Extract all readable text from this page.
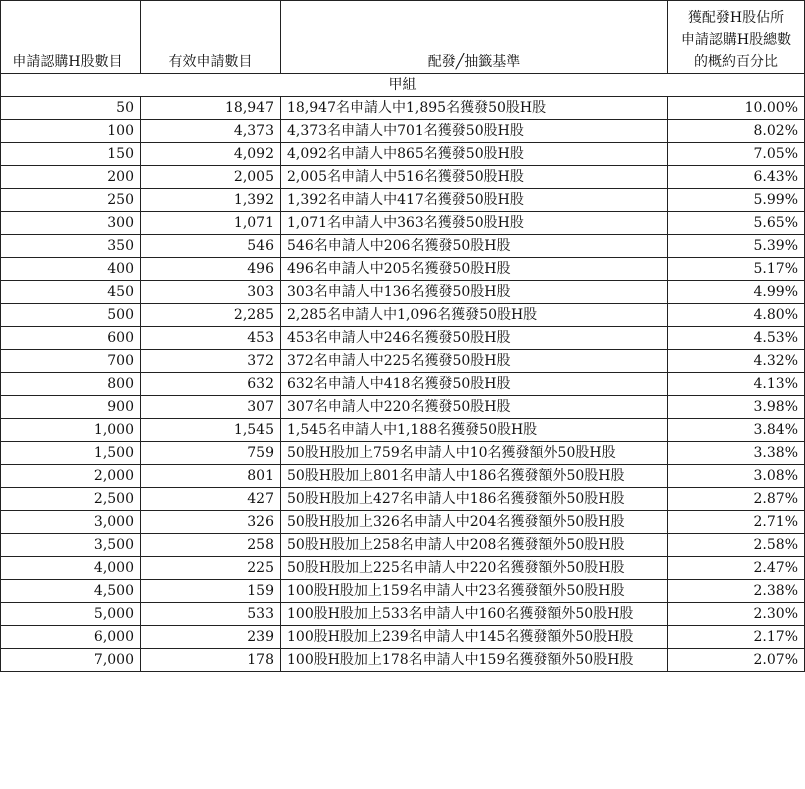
申請認購H股數目	有效申請數目	配發╱抽籤基準	獲配發H股佔所
申請認購H股總數
的概約百分比

甲組			
50	18,947	18,947名申請人中1,895名獲發50股H股	10.00%
100	4,373	4,373名申請人中701名獲發50股H股	8.02%
150	4,092	4,092名申請人中865名獲發50股H股	7.05%
200	2,005	2,005名申請人中516名獲發50股H股	6.43%
250	1,392	1,392名申請人中417名獲發50股H股	5.99%
300	1,071	1,071名申請人中363名獲發50股H股	5.65%
350	546	546名申請人中206名獲發50股H股	5.39%
400	496	496名申請人中205名獲發50股H股	5.17%
450	303	303名申請人中136名獲發50股H股	4.99%
500	2,285	2,285名申請人中1,096名獲發50股H股	4.80%
600	453	453名申請人中246名獲發50股H股	4.53%
700	372	372名申請人中225名獲發50股H股	4.32%
800	632	632名申請人中418名獲發50股H股	4.13%
900	307	307名申請人中220名獲發50股H股	3.98%
1,000	1,545	1,545名申請人中1,188名獲發50股H股	3.84%
1,500	759	50股H股加上759名申請人中10名獲發額外50股H股	3.38%
2,000	801	50股H股加上801名申請人中186名獲發額外50股H股	3.08%
2,500	427	50股H股加上427名申請人中186名獲發額外50股H股	2.87%
3,000	326	50股H股加上326名申請人中204名獲發額外50股H股	2.71%
3,500	258	50股H股加上258名申請人中208名獲發額外50股H股	2.58%
4,000	225	50股H股加上225名申請人中220名獲發額外50股H股	2.47%
4,500	159	100股H股加上159名申請人中23名獲發額外50股H股	2.38%
5,000	533	100股H股加上533名申請人中160名獲發額外50股H股	2.30%
6,000	239	100股H股加上239名申請人中145名獲發額外50股H股	2.17%
7,000	178	100股H股加上178名申請人中159名獲發額外50股H股	2.07%
